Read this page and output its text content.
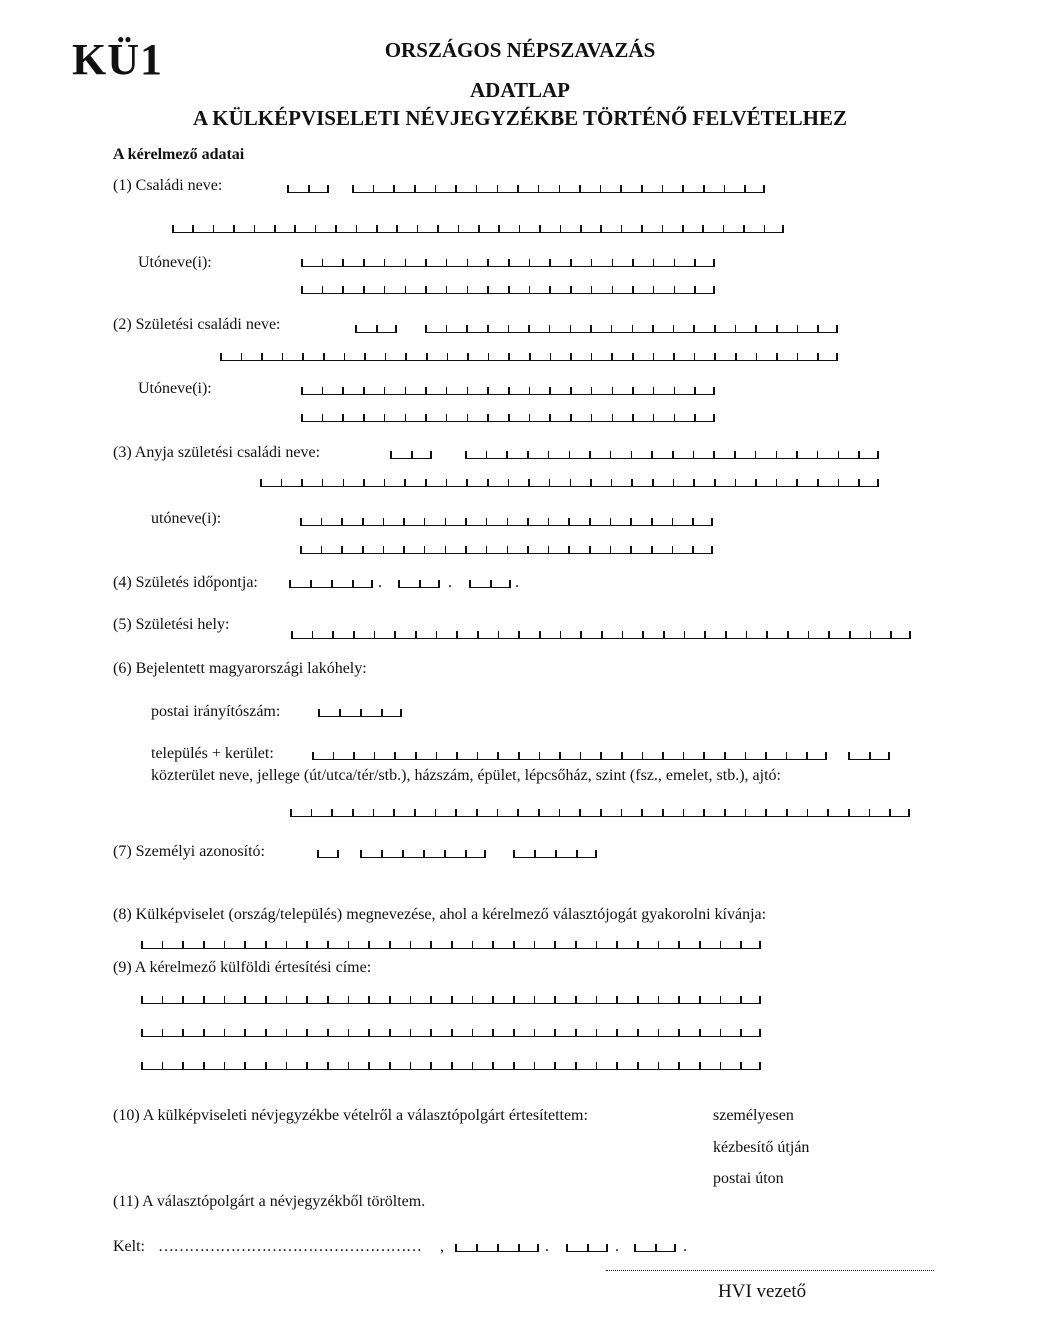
KÜ1	ORSZÁGOS NÉPSZAVAZÁS
ADATLAP
A KÜLKÉPVISELETI NÉVJEGYZÉKBE TÖRTÉNŐ FELVÉTELHEZ
A kérelmező adatai
(1) Családi neve:
Utóneve(i):
(2) Születési családi neve:
Utóneve(i):
(3) Anyja születési családi neve:
utóneve(i):
(4) Születés időpontja:	.	.	.
(5) Születési hely:
(6) Bejelentett magyarországi lakóhely:
postai irányítószám:
település + kerület:
közterület neve, jellege (út/utca/tér/stb.), házszám, épület, lépcsőház, szint (fsz., emelet, stb.), ajtó:
(7) Személyi azonosító:
(8) Külképviselet (ország/település) megnevezése, ahol a kérelmező választójogát gyakorolni kívánja:
(9) A kérelmező külföldi értesítési címe:
(10) A külképviseleti névjegyzékbe vételről a választópolgárt értesítettem:	személyesen
kézbesítő útján
postai úton
(11) A választópolgárt a névjegyzékből töröltem.
Kelt: …………………………………………… ,	.	.	.
HVI vezető
